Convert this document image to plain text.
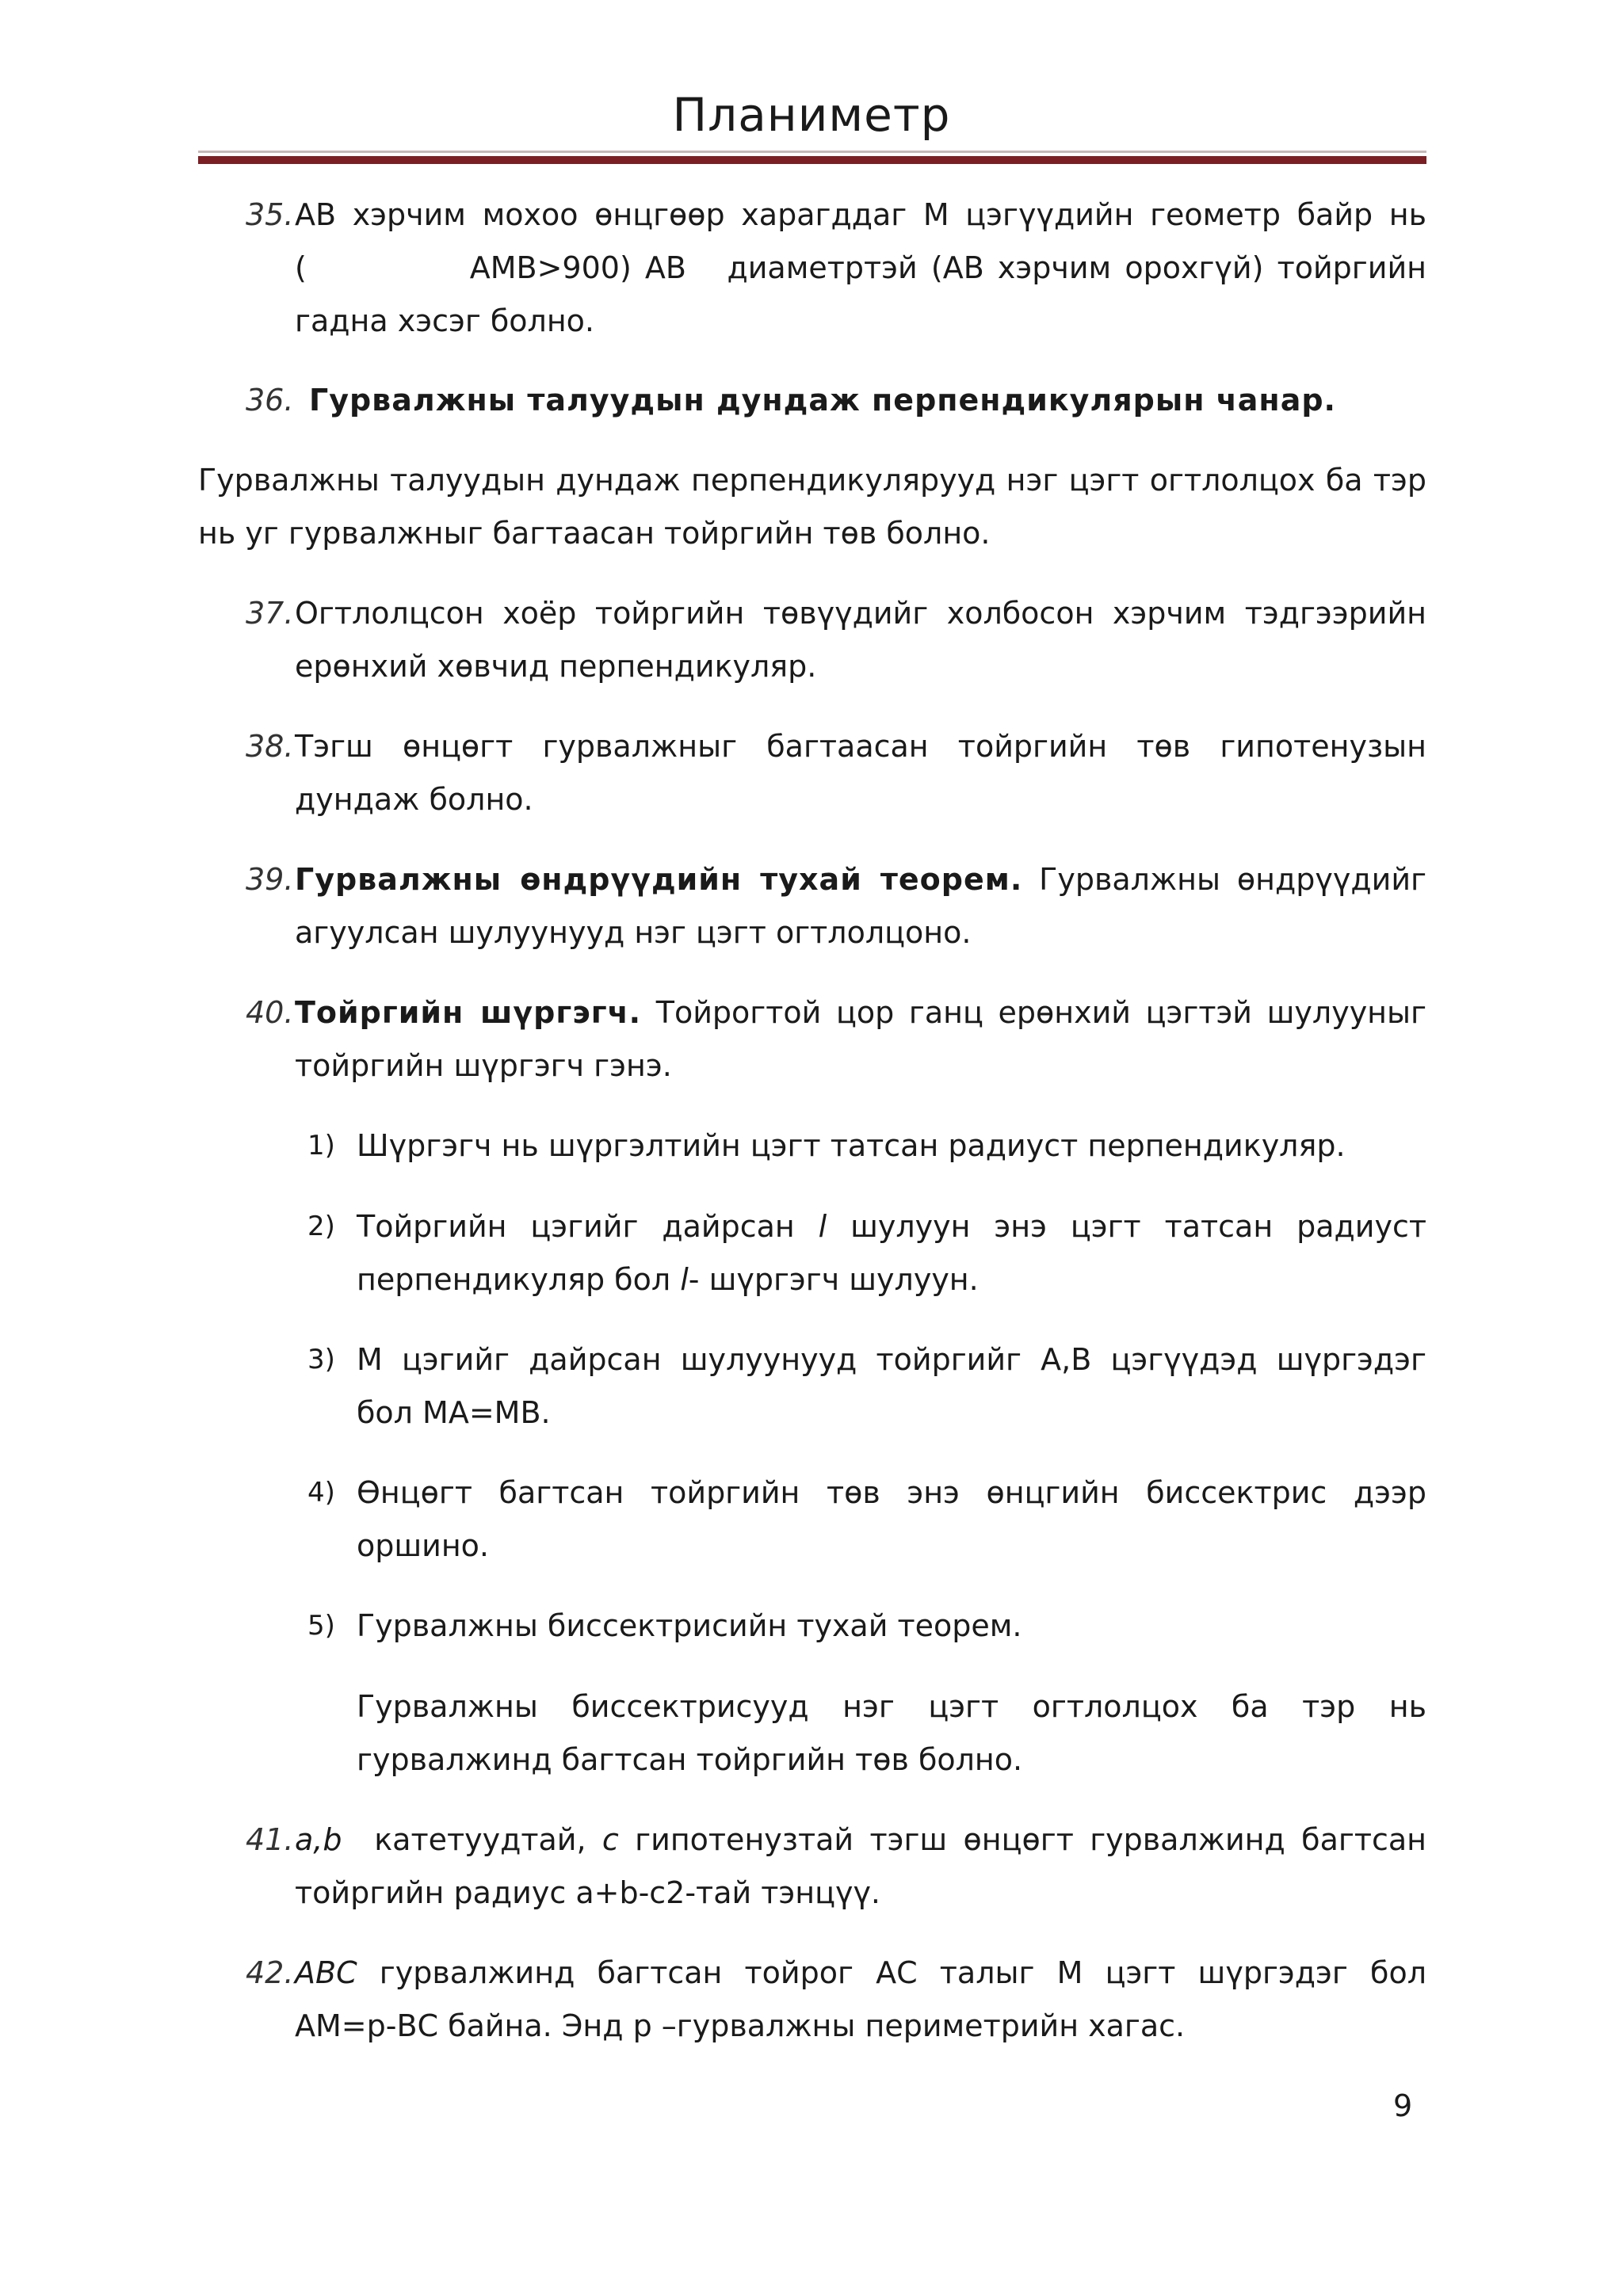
Планиметр
35. АВ хэрчим мохоо өнцгөөр харагддаг М цэгүүдийн геометр байр нь
(            AMB>900) АВ   диаметртэй (АВ хэрчим орохгүй) тойргийн
гадна хэсэг болно.
36. Гурвалжны талуудын дундаж перпендикулярын чанар.
Гурвалжны талуудын дундаж перпендикулярууд нэг цэгт огтлолцох ба тэр
нь уг гурвалжныг багтаасан тойргийн төв болно.
37. Огтлолцсон хоёр тойргийн төвүүдийг холбосон хэрчим тэдгээрийн
ерөнхий хөвчид перпендикуляр.
38. Тэгш өнцөгт гурвалжныг багтаасан тойргийн төв гипотенузын
дундаж болно.
39. Гурвалжны өндрүүдийн тухай теорем. Гурвалжны өндрүүдийг
агуулсан шулуунууд нэг цэгт огтлолцоно.
40. Тойргийн шүргэгч. Тойрогтой цор ганц ерөнхий цэгтэй шулууныг
тойргийн шүргэгч гэнэ.
1) Шүргэгч нь шүргэлтийн цэгт татсан радиуст перпендикуляр.
2) Тойргийн цэгийг дайрсан l шулуун энэ цэгт татсан радиуст
перпендикуляр бол l- шүргэгч шулуун.
3) М цэгийг дайрсан шулуунууд тойргийг А,В цэгүүдэд шүргэдэг
бол МА=МВ.
4) Өнцөгт багтсан тойргийн төв энэ өнцгийн биссектрис дээр
оршино.
5) Гурвалжны биссектрисийн тухай теорем.
Гурвалжны биссектрисууд нэг цэгт огтлолцох ба тэр нь
гурвалжинд багтсан тойргийн төв болно.
41. a,b  катетуудтай, c гипотенузтай тэгш өнцөгт гурвалжинд багтсан
тойргийн радиус a+b-c2-тай тэнцүү.
42. ABC гурвалжинд багтсан тойрог АС талыг М цэгт шүргэдэг бол
АМ=р-ВС байна. Энд р –гурвалжны периметрийн хагас.
9
